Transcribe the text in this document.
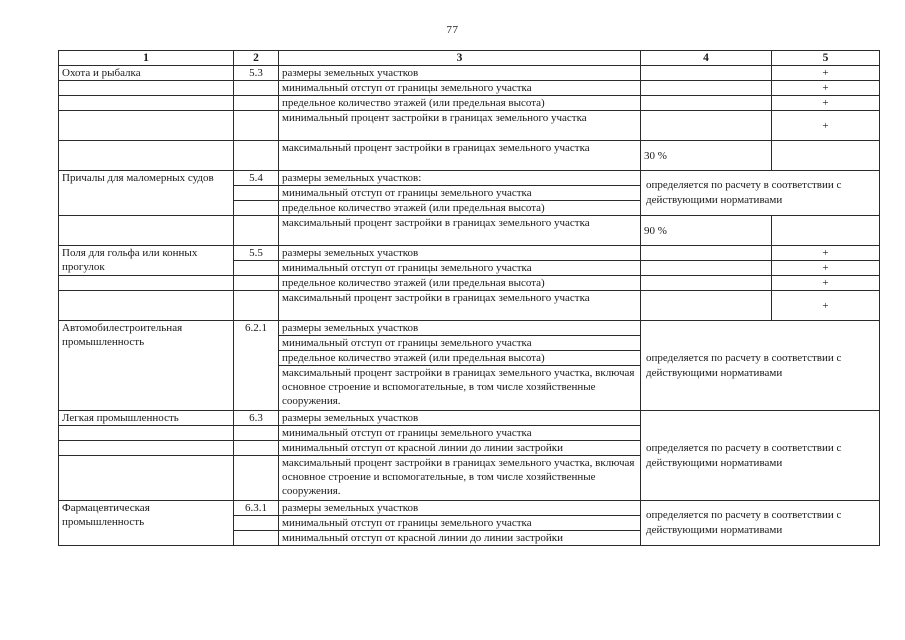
77
1	2	3	4	5
Охота и рыбалка	5.3	размеры земельных участков		+
		минимальный отступ от границы земельного участка		+
		предельное количество этажей (или предельная высота)		+
		минимальный процент застройки в границах земельного участка		+
		максимальный процент застройки в границах земельного участка	30 %	
Причалы для маломерных судов	5.4	размеры земельных участков:	определяется по расчету в соответствии с действующими нормативами	
		минимальный отступ от границы земельного участка		
		предельное количество этажей (или предельная высота)		
		максимальный процент застройки в границах земельного участка	90 %	
Поля для гольфа или конных прогулок	5.5	размеры земельных участков		+
		минимальный отступ от границы земельного участка		+
		предельное количество этажей (или предельная высота)		+
		максимальный процент застройки в границах земельного участка		+
Автомобилестроительная промышленность	6.2.1	размеры земельных участков	определяется по расчету в соответствии с действующими нормативами	
		минимальный отступ от границы земельного участка		
		предельное количество этажей (или предельная высота)		
		максимальный процент застройки в границах земельного участка, включая основное строение и вспомогательные, в том числе хозяйственные сооружения.		
Легкая промышленность	6.3	размеры земельных участков	определяется по расчету в соответствии с действующими нормативами	
		минимальный отступ от границы земельного участка		
		минимальный отступ от красной линии до линии застройки		
		максимальный процент застройки в границах земельного участка, включая основное строение и вспомогательные, в том числе хозяйственные сооружения.		
Фармацевтическая промышленность	6.3.1	размеры земельных участков	определяется по расчету в соответствии с действующими нормативами	
		минимальный отступ от границы земельного участка		
		минимальный отступ от красной линии до линии застройки		
